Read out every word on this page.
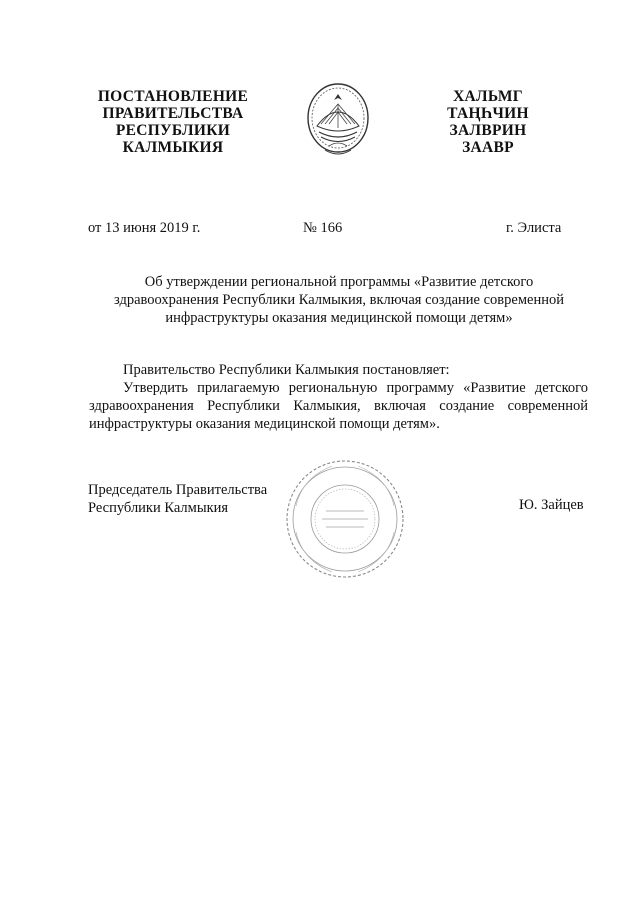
ПОСТАНОВЛЕНИЕ
ПРАВИТЕЛЬСТВА
РЕСПУБЛИКИ
КАЛМЫКИЯ
ХАЛЬМГ
ТАҢҺЧИН
ЗАЛВРИН
ЗААВР
от 13 июня 2019 г.	№ 166	г. Элиста
Об утверждении региональной программы «Развитие детского
здравоохранения Республики Калмыкия, включая создание современной
инфраструктуры оказания медицинской помощи детям»
Правительство Республики Калмыкия постановляет:
Утвердить прилагаемую региональную программу «Развитие детского
здравоохранения Республики Калмыкия, включая создание современной
инфраструктуры оказания медицинской помощи детям».
Председатель Правительства
Республики Калмыкия	Ю. Зайцев
